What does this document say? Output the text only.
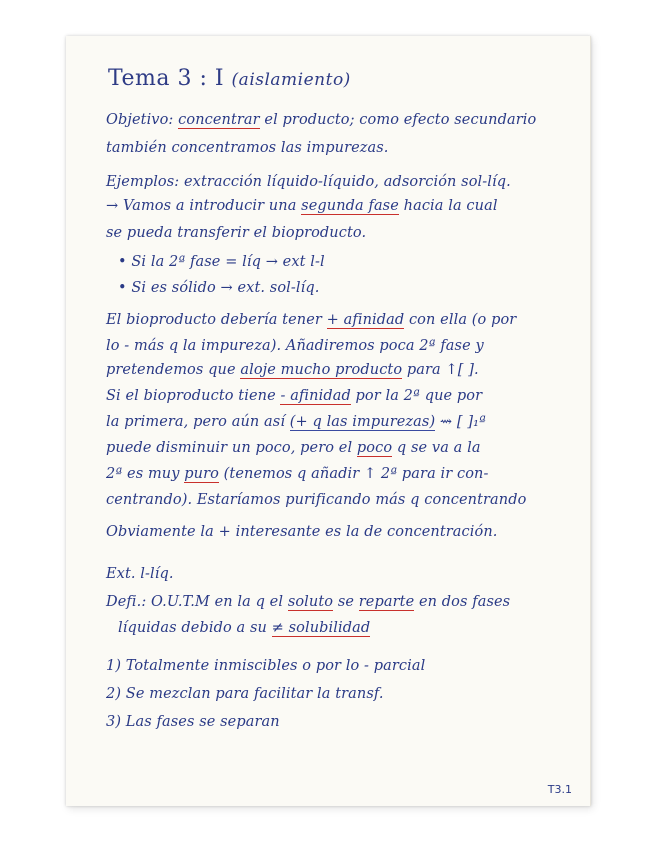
Tema 3 : I (aislamiento)
Objetivo: concentrar el producto; como efecto secundario
también concentramos las impurezas.
Ejemplos: extracción líquido-líquido, adsorción sol-líq.
→ Vamos a introducir una segunda fase hacia la cual
se pueda transferir el bioproducto.
• Si la 2ª fase = líq → ext l-l
• Si es sólido → ext. sol-líq.
El bioproducto debería tener + afinidad con ella (o por
lo - más q la impureza). Añadiremos poca 2ª fase y
pretendemos que aloje mucho producto para ↑[ ].
Si el bioproducto tiene - afinidad por la 2ª que por
la primera, pero aún así (+ q las impurezas) ⇝ [ ]₁ª
puede disminuir un poco, pero el poco q se va a la
2ª es muy puro (tenemos q añadir ↑ 2ª para ir con-
centrando). Estaríamos purificando más q concentrando
Obviamente la + interesante es la de concentración.
Ext. l-líq.
Defi.: O.U.T.M en la q el soluto se reparte en dos fases
líquidas debido a su ≠ solubilidad
1) Totalmente inmiscibles o por lo - parcial
2) Se mezclan para facilitar la transf.
3) Las fases se separan
T3.1
